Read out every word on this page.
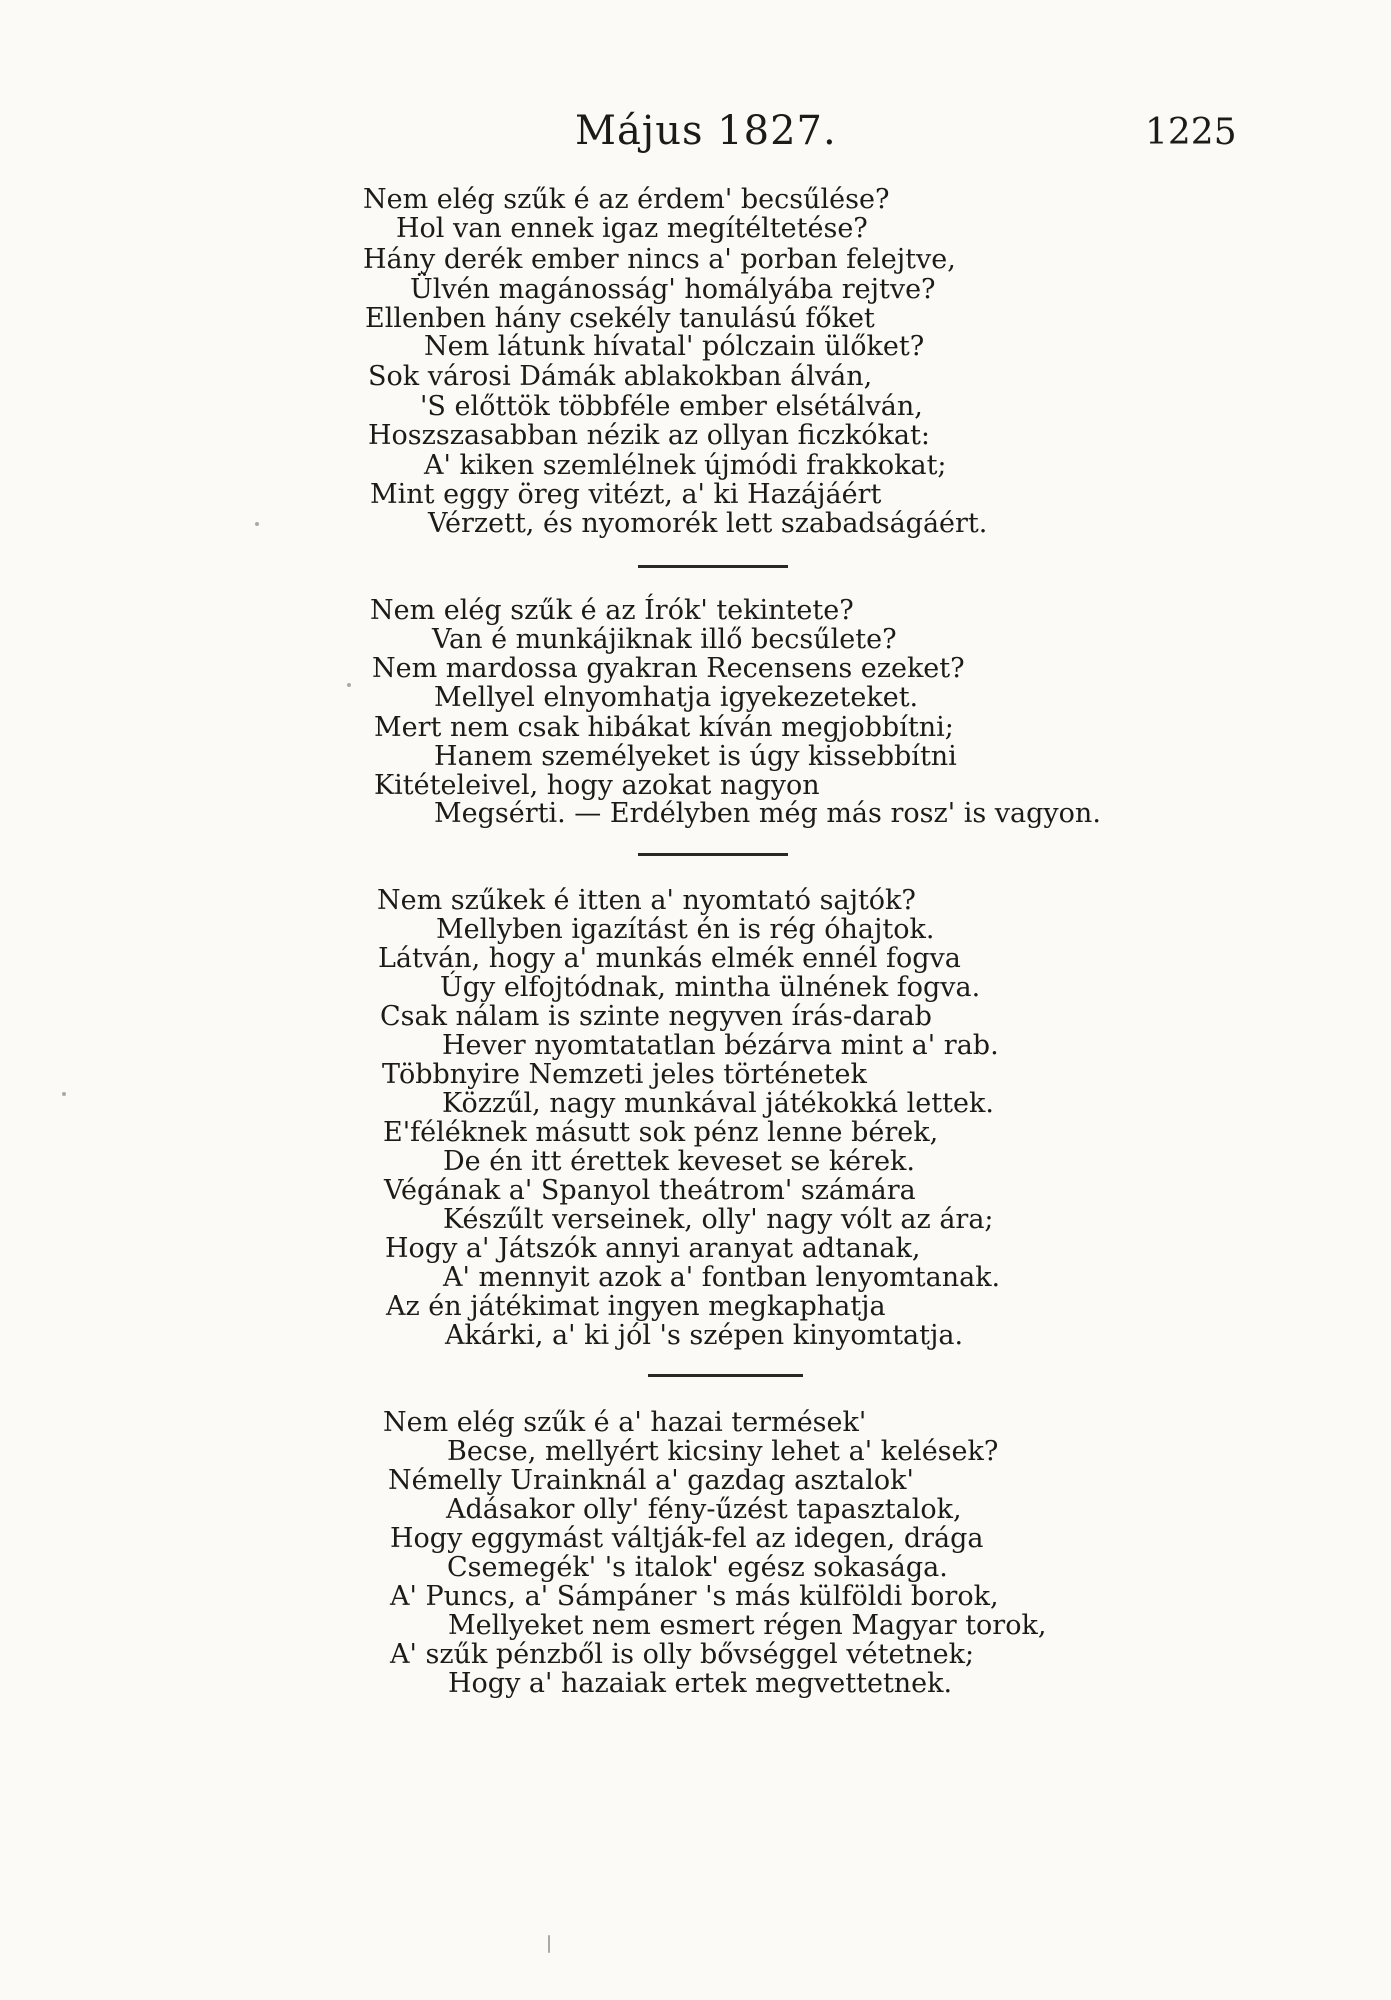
Május 1827.	1225
Nem elég szűk é az érdem' becsűlése?
Hol van ennek igaz megítéltetése?
Hány derék ember nincs a' porban felejtve,
Ülvén magánosság' homályába rejtve?
Ellenben hány csekély tanulású főket
Nem látunk hívatal' pólczain ülőket?
Sok városi Dámák ablakokban álván,
'S előttök többféle ember elsétálván,
Hoszszasabban nézik az ollyan ficzkókat:
A' kiken szemlélnek újmódi frakkokat;
Mint eggy öreg vitézt, a' ki Hazájáért
Vérzett, és nyomorék lett szabadságáért.
Nem elég szűk é az Írók' tekintete?
Van é munkájiknak illő becsűlete?
Nem mardossa gyakran Recensens ezeket?
Mellyel elnyomhatja igyekezeteket.
Mert nem csak hibákat kíván megjobbítni;
Hanem személyeket is úgy kissebbítni
Kitételeivel, hogy azokat nagyon
Megsérti. — Erdélyben még más rosz' is vagyon.
Nem szűkek é itten a' nyomtató sajtók?
Mellyben igazítást én is rég óhajtok.
Látván, hogy a' munkás elmék ennél fogva
Úgy elfojtódnak, mintha ülnének fogva.
Csak nálam is szinte negyven írás-darab
Hever nyomtatatlan bézárva mint a' rab.
Többnyire Nemzeti jeles történetek
Közzűl, nagy munkával játékokká lettek.
E'féléknek másutt sok pénz lenne bérek,
De én itt érettek keveset se kérek.
Végának a' Spanyol theátrom' számára
Készűlt verseinek, olly' nagy vólt az ára;
Hogy a' Játszók annyi aranyat adtanak,
A' mennyit azok a' fontban lenyomtanak.
Az én játékimat ingyen megkaphatja
Akárki, a' ki jól 's szépen kinyomtatja.
Nem elég szűk é a' hazai termések'
Becse, mellyért kicsiny lehet a' kelések?
Némelly Urainknál a' gazdag asztalok'
Adásakor olly' fény-űzést tapasztalok,
Hogy eggymást váltják-fel az idegen, drága
Csemegék' 's italok' egész sokasága.
A' Puncs, a' Sámpáner 's más külföldi borok,
Mellyeket nem esmert régen Magyar torok,
A' szűk pénzből is olly bővséggel vétetnek;
Hogy a' hazaiak ertek megvettetnek.
